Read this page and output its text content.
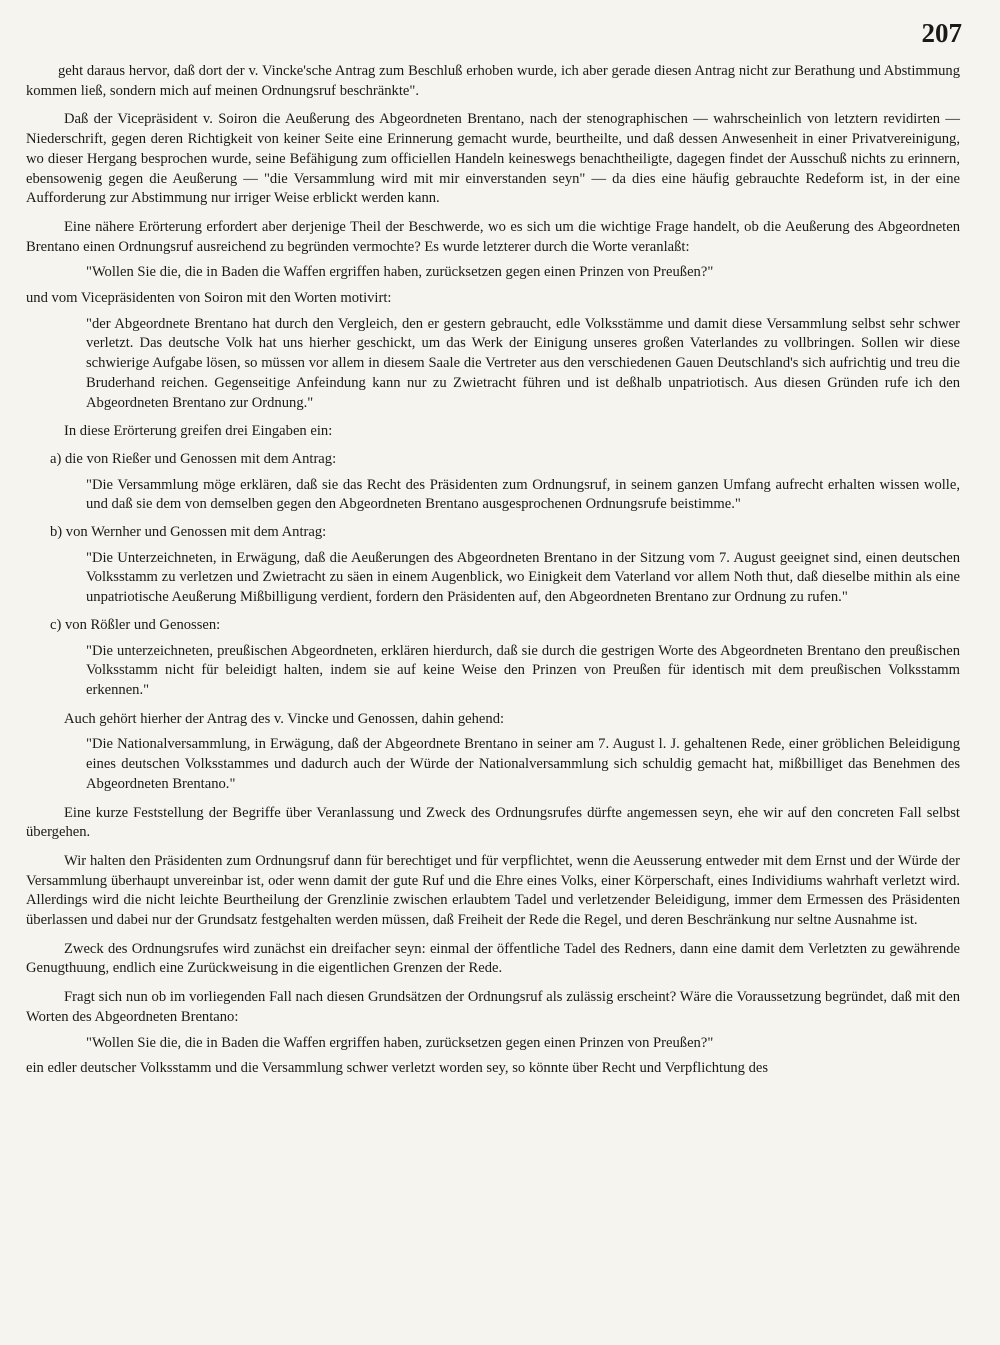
207

geht daraus hervor, daß dort der v. Vincke'sche Antrag zum Beschluß erhoben wurde, ich aber gerade diesen Antrag nicht zur Berathung und Abstimmung kommen ließ, sondern mich auf meinen Ordnungsruf beschränkte".

Daß der Vicepräsident v. Soiron die Aeußerung des Abgeordneten Brentano, nach der stenographischen — wahrscheinlich von letztern revidirten — Niederschrift, gegen deren Richtigkeit von keiner Seite eine Erinnerung gemacht wurde, beurtheilte, und daß dessen Anwesenheit in einer Privatvereinigung, wo dieser Hergang besprochen wurde, seine Befähigung zum officiellen Handeln keineswegs benachtheiligte, dagegen findet der Ausschuß nichts zu erinnern, ebensowenig gegen die Aeußerung — "die Versammlung wird mit mir einverstanden seyn" — da dies eine häufig gebrauchte Redeform ist, in der eine Aufforderung zur Abstimmung nur irriger Weise erblickt werden kann.

Eine nähere Erörterung erfordert aber derjenige Theil der Beschwerde, wo es sich um die wichtige Frage handelt, ob die Aeußerung des Abgeordneten Brentano einen Ordnungsruf ausreichend zu begründen vermochte? Es wurde letzterer durch die Worte veranlaßt:

"Wollen Sie die, die in Baden die Waffen ergriffen haben, zurücksetzen gegen einen Prinzen von Preußen?"

und vom Vicepräsidenten von Soiron mit den Worten motivirt:

"der Abgeordnete Brentano hat durch den Vergleich, den er gestern gebraucht, edle Volksstämme und damit diese Versammlung selbst sehr schwer verletzt. Das deutsche Volk hat uns hierher geschickt, um das Werk der Einigung unseres großen Vaterlandes zu vollbringen. Sollen wir diese schwierige Aufgabe lösen, so müssen vor allem in diesem Saale die Vertreter aus den verschiedenen Gauen Deutschland's sich aufrichtig und treu die Bruderhand reichen. Gegenseitige Anfeindung kann nur zu Zwietracht führen und ist deßhalb unpatriotisch. Aus diesen Gründen rufe ich den Abgeordneten Brentano zur Ordnung."

In diese Erörterung greifen drei Eingaben ein:

a) die von Rießer und Genossen mit dem Antrag:

"Die Versammlung möge erklären, daß sie das Recht des Präsidenten zum Ordnungsruf, in seinem ganzen Umfang aufrecht erhalten wissen wolle, und daß sie dem von demselben gegen den Abgeordneten Brentano ausgesprochenen Ordnungsrufe beistimme."

b) von Wernher und Genossen mit dem Antrag:

"Die Unterzeichneten, in Erwägung, daß die Aeußerungen des Abgeordneten Brentano in der Sitzung vom 7. August geeignet sind, einen deutschen Volksstamm zu verletzen und Zwietracht zu säen in einem Augenblick, wo Einigkeit dem Vaterland vor allem Noth thut, daß dieselbe mithin als eine unpatriotische Aeußerung Mißbilligung verdient, fordern den Präsidenten auf, den Abgeordneten Brentano zur Ordnung zu rufen."

c) von Rößler und Genossen:

"Die unterzeichneten, preußischen Abgeordneten, erklären hierdurch, daß sie durch die gestrigen Worte des Abgeordneten Brentano den preußischen Volksstamm nicht für beleidigt halten, indem sie auf keine Weise den Prinzen von Preußen für identisch mit dem preußischen Volksstamm erkennen."

Auch gehört hierher der Antrag des v. Vincke und Genossen, dahin gehend:

"Die Nationalversammlung, in Erwägung, daß der Abgeordnete Brentano in seiner am 7. August l. J. gehaltenen Rede, einer gröblichen Beleidigung eines deutschen Volksstammes und dadurch auch der Würde der Nationalversammlung sich schuldig gemacht hat, mißbilliget das Benehmen des Abgeordneten Brentano."

Eine kurze Feststellung der Begriffe über Veranlassung und Zweck des Ordnungsrufes dürfte angemessen seyn, ehe wir auf den concreten Fall selbst übergehen.

Wir halten den Präsidenten zum Ordnungsruf dann für berechtiget und für verpflichtet, wenn die Aeusserung entweder mit dem Ernst und der Würde der Versammlung überhaupt unvereinbar ist, oder wenn damit der gute Ruf und die Ehre eines Volks, einer Körperschaft, eines Individiums wahrhaft verletzt wird. Allerdings wird die nicht leichte Beurtheilung der Grenzlinie zwischen erlaubtem Tadel und verletzender Beleidigung, immer dem Ermessen des Präsidenten überlassen und dabei nur der Grundsatz festgehalten werden müssen, daß Freiheit der Rede die Regel, und deren Beschränkung nur seltne Ausnahme ist.

Zweck des Ordnungsrufes wird zunächst ein dreifacher seyn: einmal der öffentliche Tadel des Redners, dann eine damit dem Verletzten zu gewährende Genugthuung, endlich eine Zurückweisung in die eigentlichen Grenzen der Rede.

Fragt sich nun ob im vorliegenden Fall nach diesen Grundsätzen der Ordnungsruf als zulässig erscheint? Wäre die Voraussetzung begründet, daß mit den Worten des Abgeordneten Brentano:

"Wollen Sie die, die in Baden die Waffen ergriffen haben, zurücksetzen gegen einen Prinzen von Preußen?"

ein edler deutscher Volksstamm und die Versammlung schwer verletzt worden sey, so könnte über Recht und Verpflichtung des
